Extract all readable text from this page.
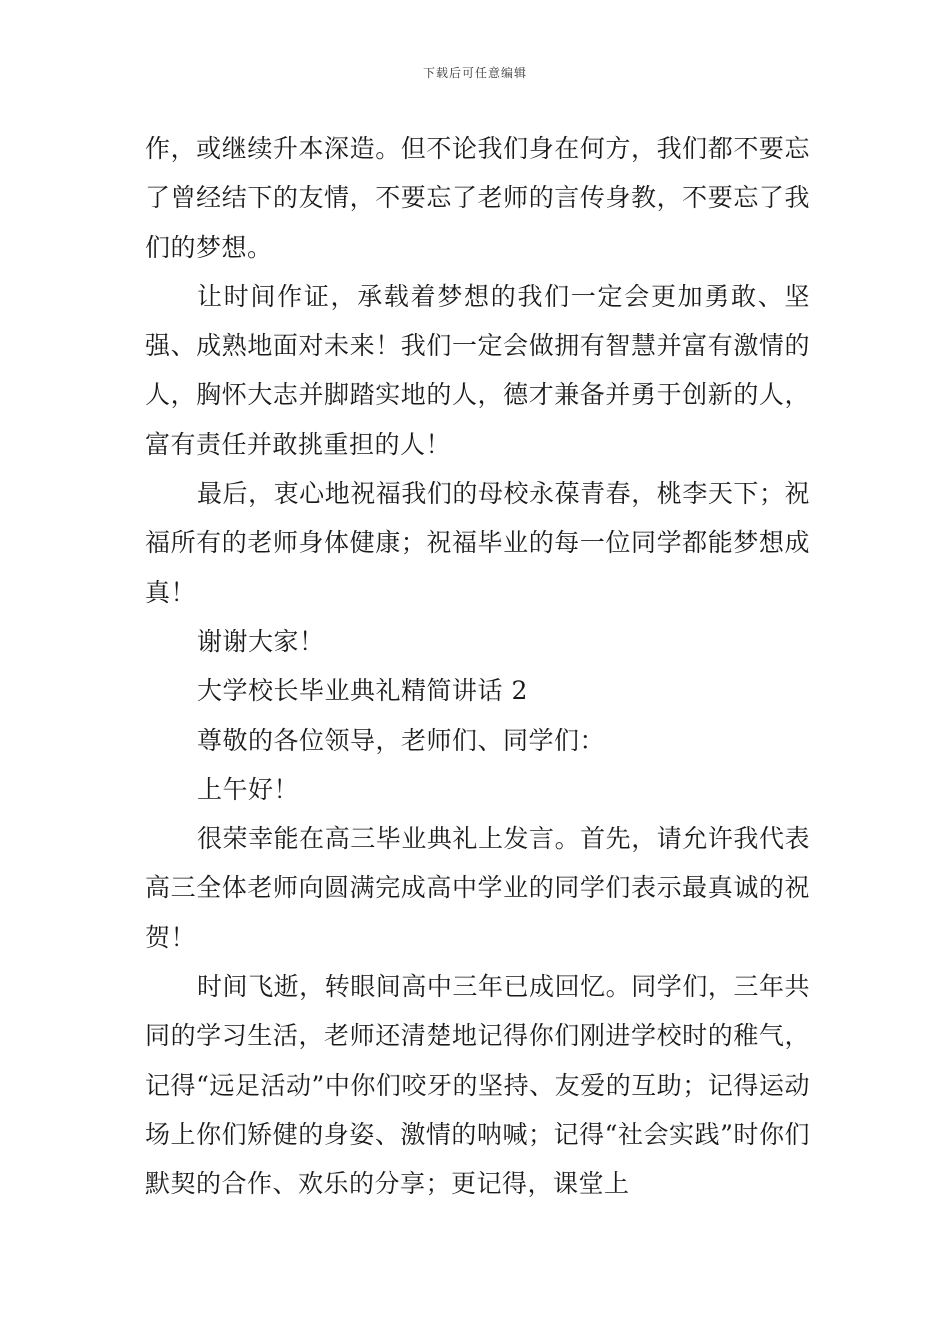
下载后可任意编辑

作，或继续升本深造。但不论我们身在何方，我们都不要忘了曾经结下的友情，不要忘了老师的言传身教，不要忘了我们的梦想。

让时间作证，承载着梦想的我们一定会更加勇敢、坚强、成熟地面对未来！我们一定会做拥有智慧并富有激情的人，胸怀大志并脚踏实地的人，德才兼备并勇于创新的人，富有责任并敢挑重担的人！

最后，衷心地祝福我们的母校永葆青春，桃李天下；祝福所有的老师身体健康；祝福毕业的每一位同学都能梦想成真！

谢谢大家！

大学校长毕业典礼精简讲话 2

尊敬的各位领导，老师们、同学们：

上午好！

很荣幸能在高三毕业典礼上发言。首先，请允许我代表高三全体老师向圆满完成高中学业的同学们表示最真诚的祝贺！

时间飞逝，转眼间高中三年已成回忆。同学们，三年共同的学习生活，老师还清楚地记得你们刚进学校时的稚气，记得“远足活动”中你们咬牙的坚持、友爱的互助；记得运动场上你们矫健的身姿、激情的呐喊；记得“社会实践”时你们默契的合作、欢乐的分享；更记得，课堂上
